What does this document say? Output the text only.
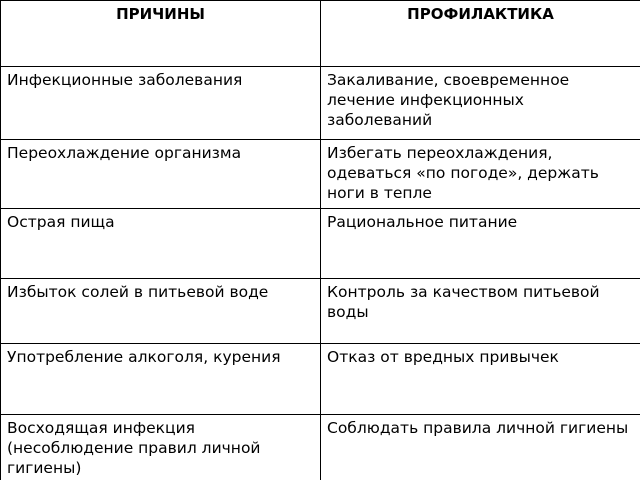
ПРИЧИНЫ	ПРОФИЛАКТИКА
Инфекционные заболевания	Закаливание, своевременное лечение инфекционных заболеваний
Переохлаждение организма	Избегать переохлаждения, одеваться «по погоде», держать ноги в тепле
Острая пища	Рациональное питание
Избыток солей в питьевой воде	Контроль за качеством питьевой воды
Употребление алкоголя, курения	Отказ от вредных привычек
Восходящая инфекция (несоблюдение правил личной гигиены)	Соблюдать правила личной гигиены
